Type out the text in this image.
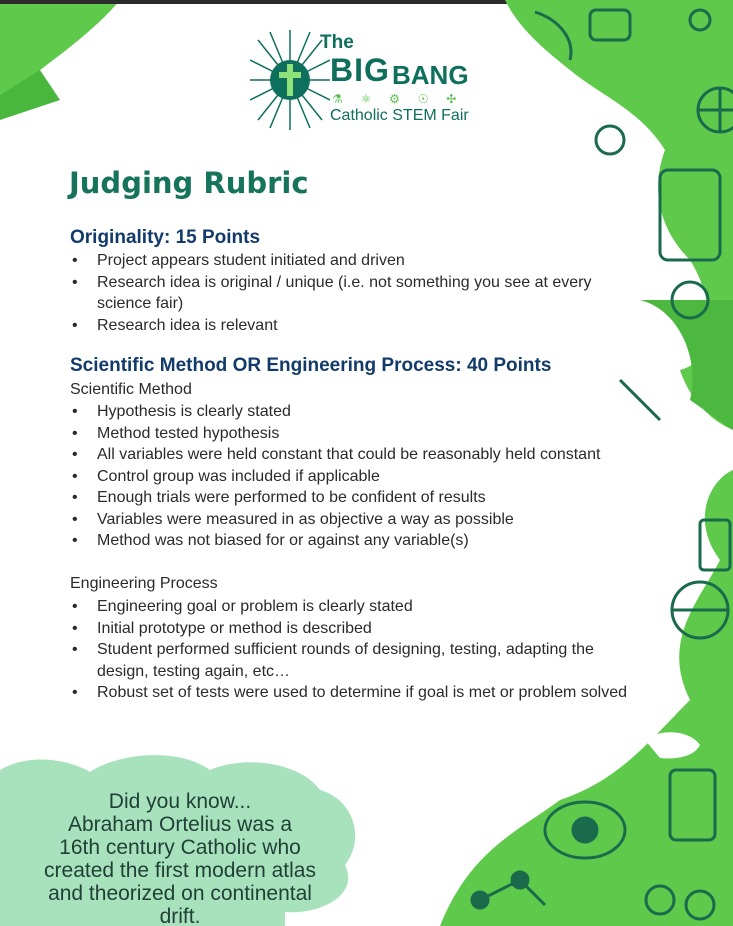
The
BIG BANG
⚗ ⚛ ⚙ ☉ ✣
Catholic STEM Fair
Judging Rubric
Originality: 15 Points
• Project appears student initiated and driven
• Research idea is original / unique (i.e. not something you see at every science fair)
• Research idea is relevant
Scientific Method OR Engineering Process: 40 Points

Scientific Method

• Hypothesis is clearly stated
• Method tested hypothesis
• All variables were held constant that could be reasonably held constant
• Control group was included if applicable
• Enough trials were performed to be confident of results
• Variables were measured in as objective a way as possible
• Method was not biased for or against any variable(s)

Engineering Process

• Engineering goal or problem is clearly stated
• Initial prototype or method is described
• Student performed sufficient rounds of designing, testing, adapting the design, testing again, etc…
• Robust set of tests were used to determine if goal is met or problem solved
Did you know...
Abraham Ortelius was a
16th century Catholic who
created the first modern atlas
and theorized on continental
drift.
